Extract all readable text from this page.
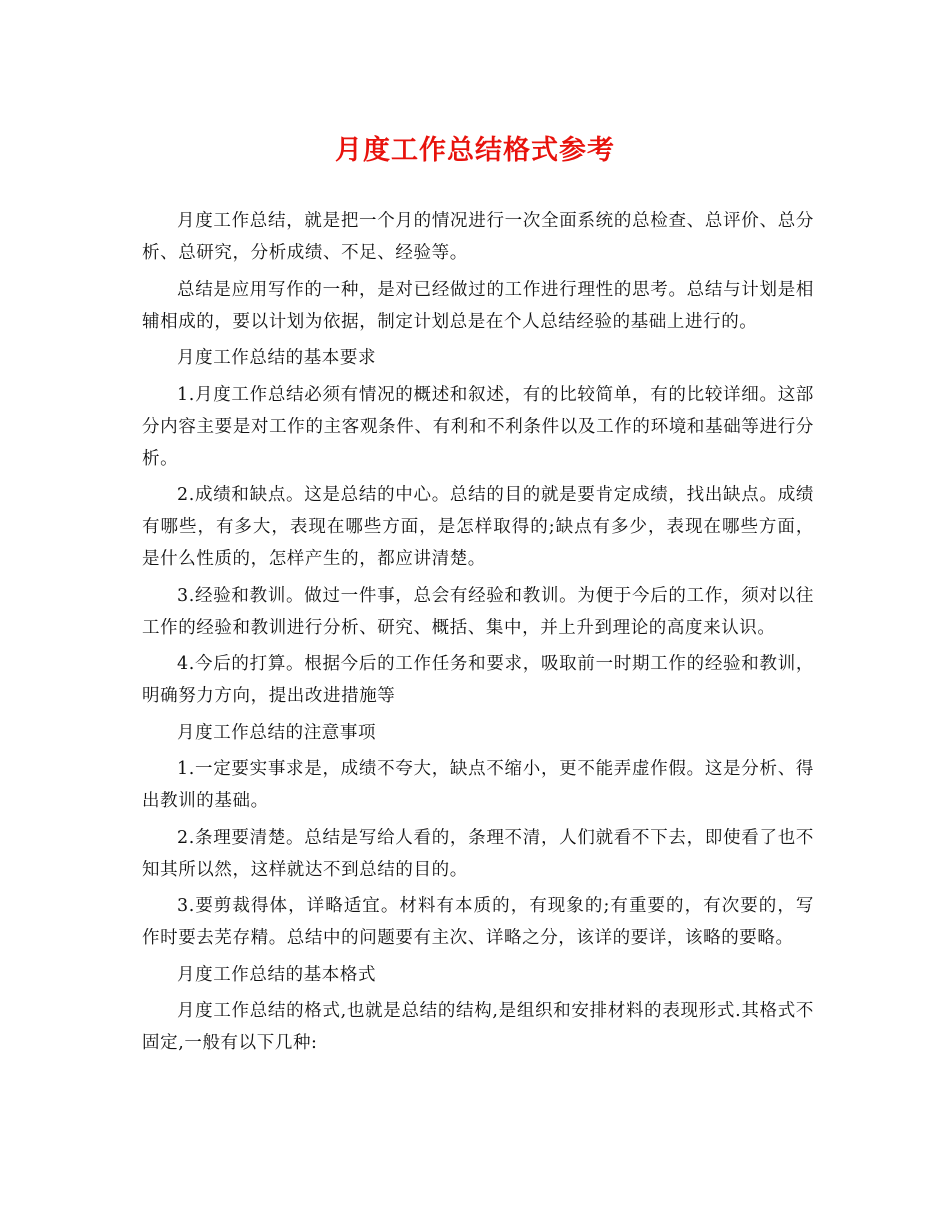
月度工作总结格式参考

月度工作总结，就是把一个月的情况进行一次全面系统的总检查、总评价、总分析、总研究，分析成绩、不足、经验等。

总结是应用写作的一种，是对已经做过的工作进行理性的思考。总结与计划是相辅相成的，要以计划为依据，制定计划总是在个人总结经验的基础上进行的。

月度工作总结的基本要求

1.月度工作总结必须有情况的概述和叙述，有的比较简单，有的比较详细。这部分内容主要是对工作的主客观条件、有利和不利条件以及工作的环境和基础等进行分析。

2.成绩和缺点。这是总结的中心。总结的目的就是要肯定成绩，找出缺点。成绩有哪些，有多大，表现在哪些方面，是怎样取得的;缺点有多少，表现在哪些方面，是什么性质的，怎样产生的，都应讲清楚。

3.经验和教训。做过一件事，总会有经验和教训。为便于今后的工作，须对以往工作的经验和教训进行分析、研究、概括、集中，并上升到理论的高度来认识。

4.今后的打算。根据今后的工作任务和要求，吸取前一时期工作的经验和教训，明确努力方向，提出改进措施等

月度工作总结的注意事项

1.一定要实事求是，成绩不夸大，缺点不缩小，更不能弄虚作假。这是分析、得出教训的基础。

2.条理要清楚。总结是写给人看的，条理不清，人们就看不下去，即使看了也不知其所以然，这样就达不到总结的目的。

3.要剪裁得体，详略适宜。材料有本质的，有现象的;有重要的，有次要的，写作时要去芜存精。总结中的问题要有主次、详略之分，该详的要详，该略的要略。

月度工作总结的基本格式

月度工作总结的格式,也就是总结的结构,是组织和安排材料的表现形式.其格式不固定,一般有以下几种:
